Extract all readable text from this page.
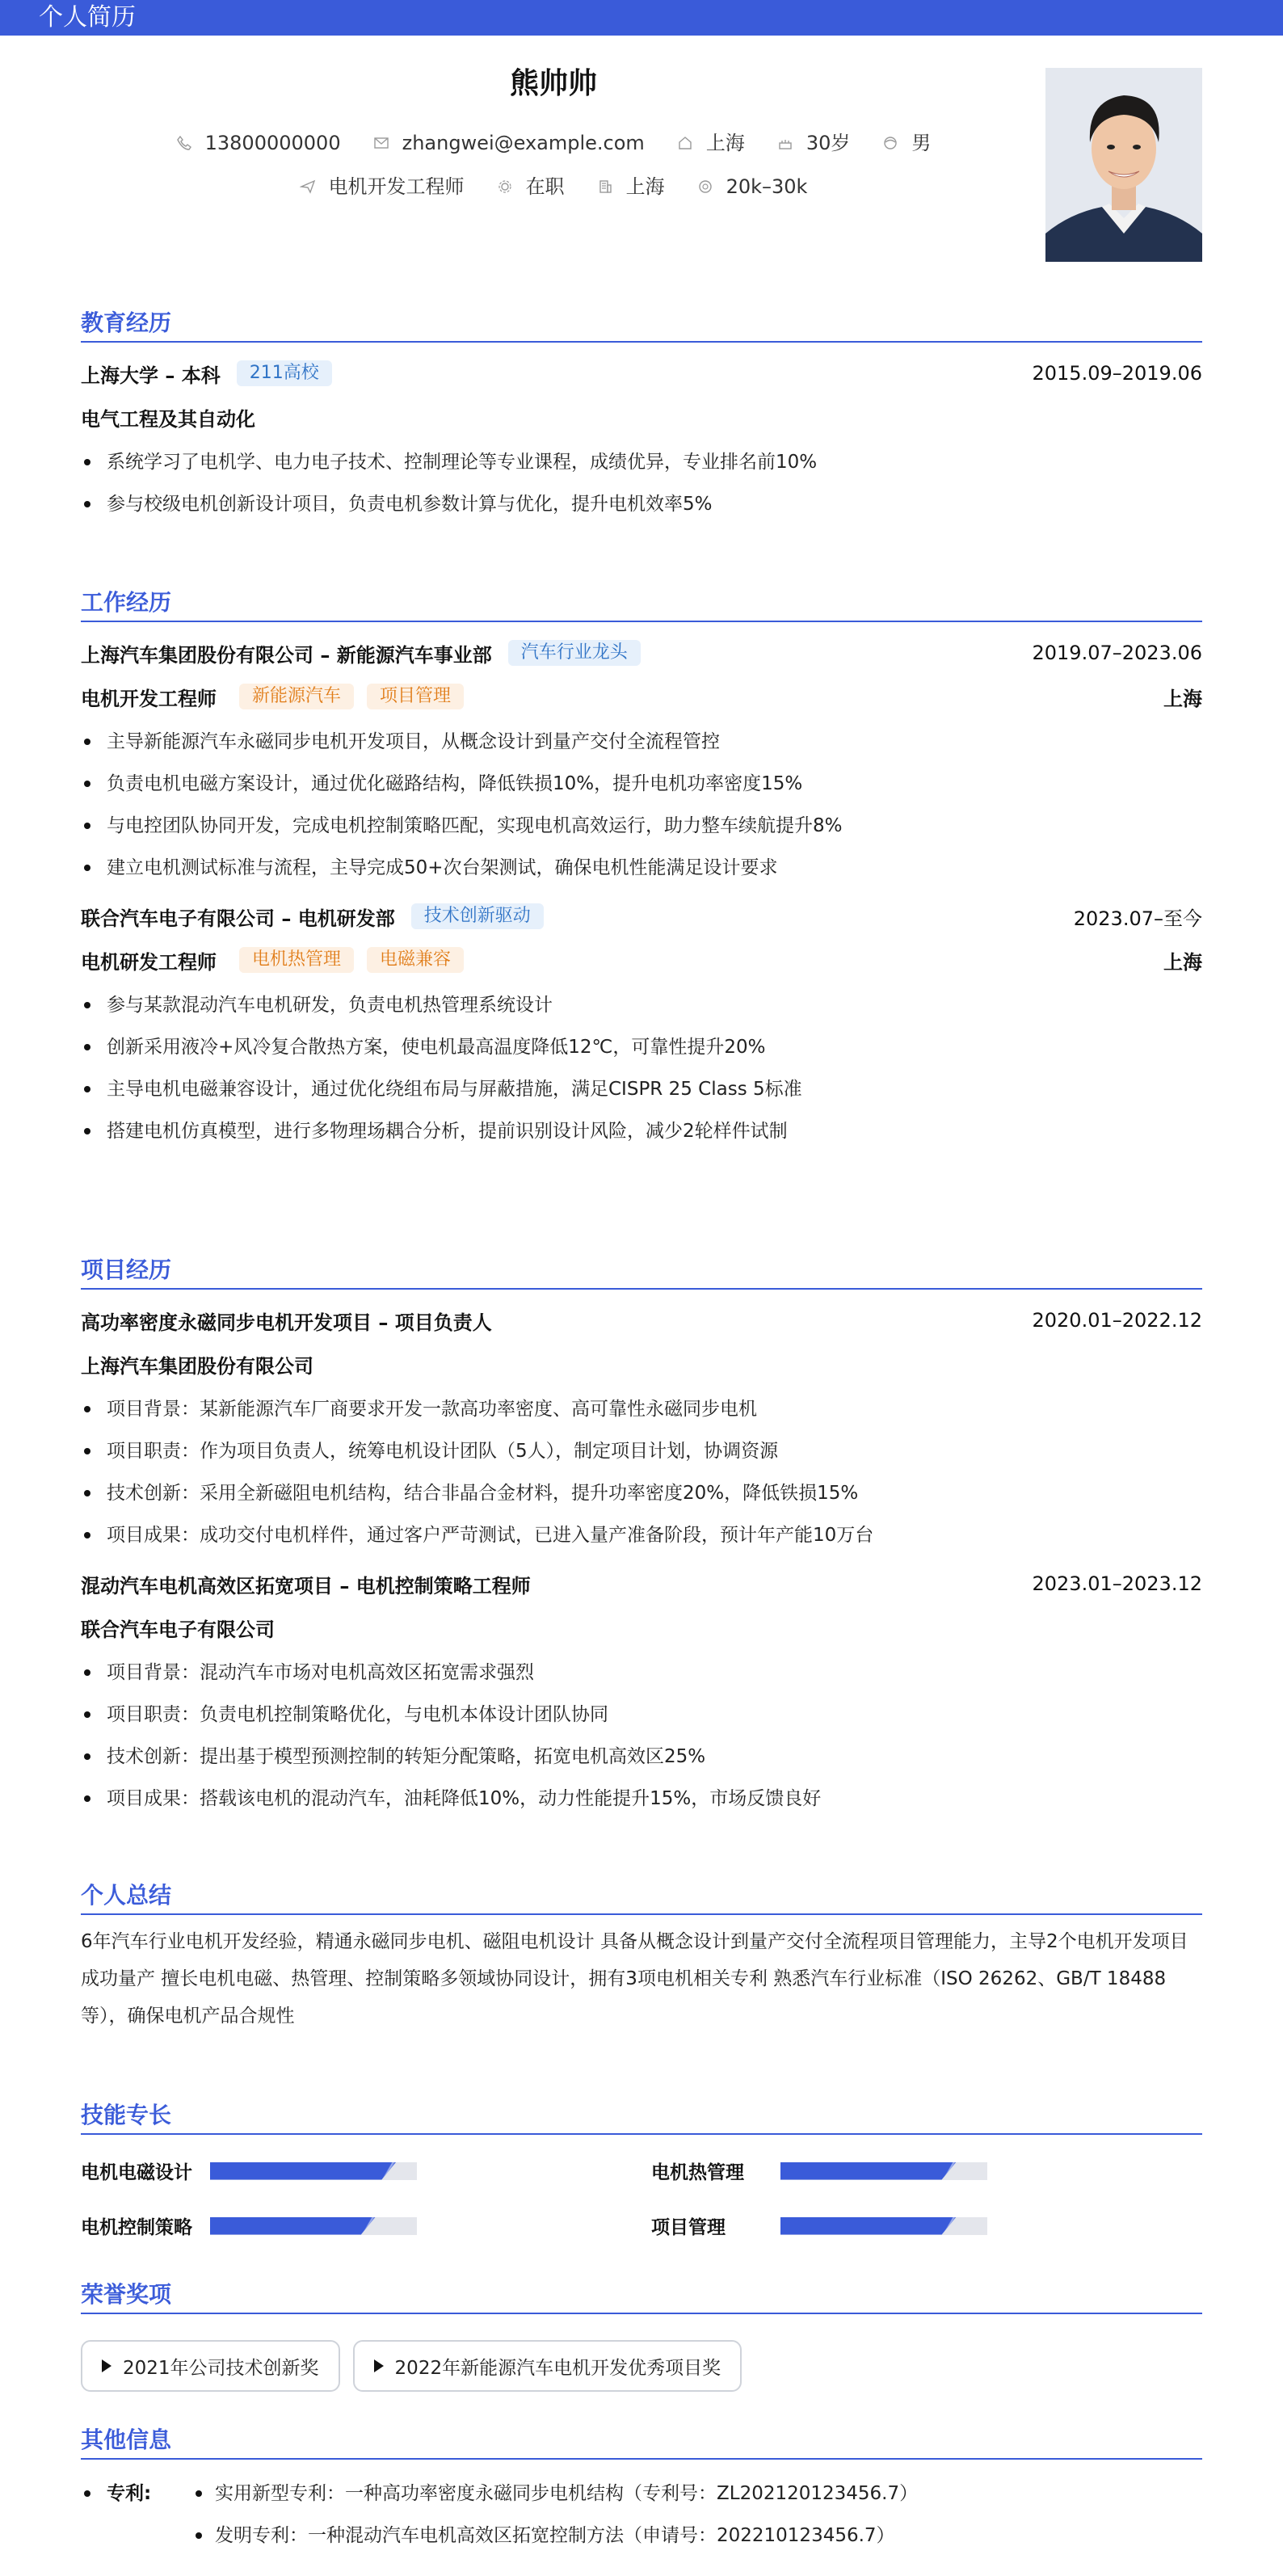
个人简历
熊帅帅
13800000000	zhangwei@example.com	上海	30岁	男
电机开发工程师	在职	上海	20k–30k
教育经历
上海大学 – 本科	211高校	2015.09–2019.06
电气工程及其自动化
系统学习了电机学、电力电子技术、控制理论等专业课程，成绩优异，专业排名前10%
参与校级电机创新设计项目，负责电机参数计算与优化，提升电机效率5%
工作经历
上海汽车集团股份有限公司 – 新能源汽车事业部	汽车行业龙头	2019.07–2023.06
电机开发工程师	新能源汽车	项目管理	上海
主导新能源汽车永磁同步电机开发项目，从概念设计到量产交付全流程管控
负责电机电磁方案设计，通过优化磁路结构，降低铁损10%，提升电机功率密度15%
与电控团队协同开发，完成电机控制策略匹配，实现电机高效运行，助力整车续航提升8%
建立电机测试标准与流程，主导完成50+次台架测试，确保电机性能满足设计要求
联合汽车电子有限公司 – 电机研发部	技术创新驱动	2023.07–至今
电机研发工程师	电机热管理	电磁兼容	上海
参与某款混动汽车电机研发，负责电机热管理系统设计
创新采用液冷+风冷复合散热方案，使电机最高温度降低12℃，可靠性提升20%
主导电机电磁兼容设计，通过优化绕组布局与屏蔽措施，满足CISPR 25 Class 5标准
搭建电机仿真模型，进行多物理场耦合分析，提前识别设计风险，减少2轮样件试制
项目经历
高功率密度永磁同步电机开发项目 – 项目负责人	2020.01–2022.12
上海汽车集团股份有限公司
项目背景：某新能源汽车厂商要求开发一款高功率密度、高可靠性永磁同步电机
项目职责：作为项目负责人，统筹电机设计团队（5人），制定项目计划，协调资源
技术创新：采用全新磁阻电机结构，结合非晶合金材料，提升功率密度20%，降低铁损15%
项目成果：成功交付电机样件，通过客户严苛测试，已进入量产准备阶段，预计年产能10万台
混动汽车电机高效区拓宽项目 – 电机控制策略工程师	2023.01–2023.12
联合汽车电子有限公司
项目背景：混动汽车市场对电机高效区拓宽需求强烈
项目职责：负责电机控制策略优化，与电机本体设计团队协同
技术创新：提出基于模型预测控制的转矩分配策略，拓宽电机高效区25%
项目成果：搭载该电机的混动汽车，油耗降低10%，动力性能提升15%，市场反馈良好
个人总结
6年汽车行业电机开发经验，精通永磁同步电机、磁阻电机设计 具备从概念设计到量产交付全流程项目管理能力，主导2个电机开发项目成功量产 擅长电机电磁、热管理、控制策略多领域协同设计，拥有3项电机相关专利 熟悉汽车行业标准（ISO 26262、GB/T 18488等），确保电机产品合规性
技能专长
电机电磁设计	电机热管理
电机控制策略	项目管理
荣誉奖项
2021年公司技术创新奖	2022年新能源汽车电机开发优秀项目奖
其他信息
专利:	实用新型专利：一种高功率密度永磁同步电机结构（专利号：ZL202120123456.7）
发明专利：一种混动汽车电机高效区拓宽控制方法（申请号：202210123456.7）
